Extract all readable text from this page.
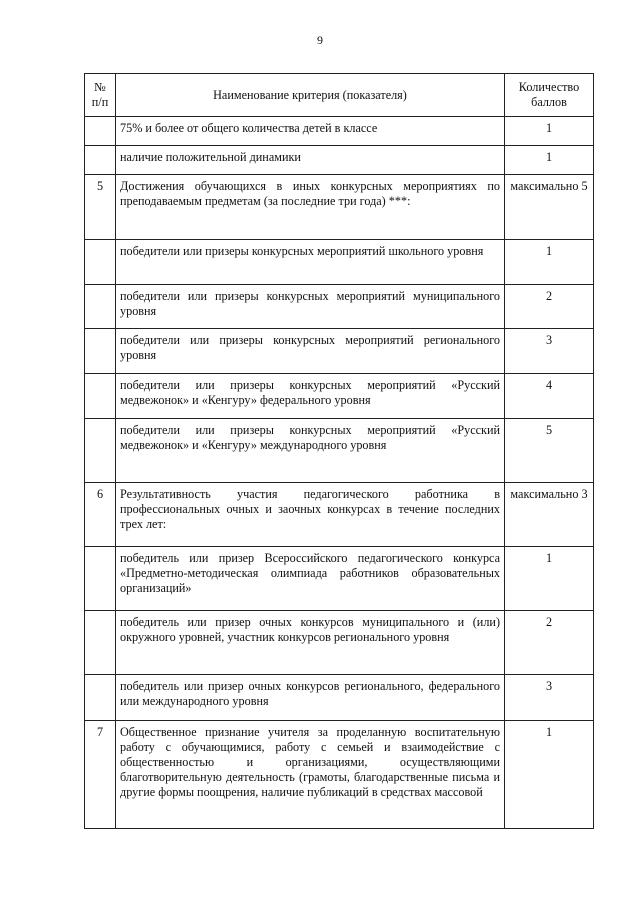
9
№ п/п	Наименование критерия (показателя)	Количество баллов
	75% и более от общего количества детей в классе	1
	наличие положительной динамики	1
5	Достижения обучающихся в иных конкурсных мероприятиях по преподаваемым предметам (за последние три года) ***:	максимально 5
	победители или призеры конкурсных мероприятий школьного уровня	1
	победители или призеры конкурсных мероприятий муниципального уровня	2
	победители или призеры конкурсных мероприятий регионального уровня	3
	победители или призеры конкурсных мероприятий «Русский медвежонок» и «Кенгуру» федерального уровня	4
	победители или призеры конкурсных мероприятий «Русский медвежонок» и «Кенгуру» международного уровня	5
6	Результативность участия педагогического работника в профессиональных очных и заочных конкурсах в течение последних трех лет:	максимально 3
	победитель или призер Всероссийского педагогического конкурса «Предметно-методическая олимпиада работников образовательных организаций»	1
	победитель или призер очных конкурсов муниципального и (или) окружного уровней, участник конкурсов регионального уровня	2
	победитель или призер очных конкурсов регионального, федерального или международного уровня	3
7	Общественное признание учителя за проделанную воспитательную работу с обучающимися, работу с семьей и взаимодействие с общественностью и организациями, осуществляющими благотворительную деятельность (грамоты, благодарственные письма и другие формы поощрения, наличие публикаций в средствах массовой	1
